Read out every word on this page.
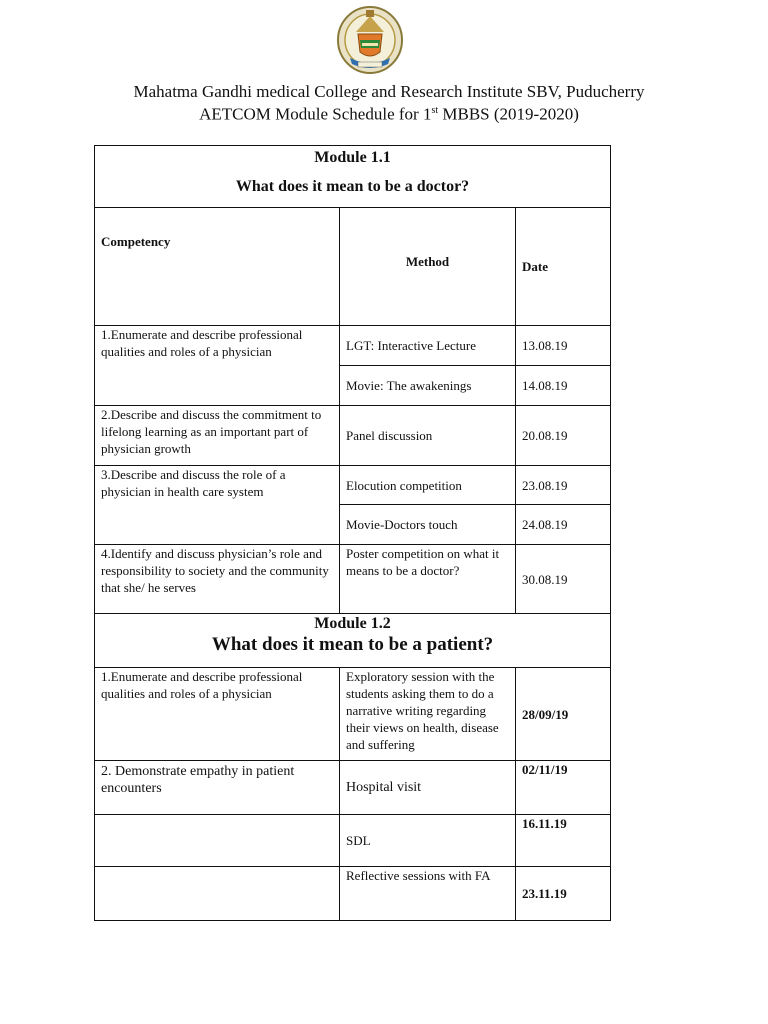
Mahatma Gandhi medical College and Research Institute SBV, Puducherry
AETCOM Module Schedule for 1st MBBS (2019-2020)
Module 1.1
What does it mean to be a doctor?		

Competency	Method	Date
1.Enumerate and describe professional qualities and roles of a physician	LGT: Interactive Lecture	13.08.19
	Movie: The awakenings	14.08.19
2.Describe and discuss the commitment to lifelong learning as an important part of physician growth	Panel discussion	20.08.19
3.Describe and discuss the role of a physician in health care system	Elocution competition	23.08.19
	Movie-Doctors touch	24.08.19
4.Identify and discuss physician’s role and responsibility to society and the community that she/ he serves	Poster competition on what it means to be a doctor?	30.08.19

Module 1.2
What does it mean to be a patient?		

1.Enumerate and describe professional qualities and roles of a physician	Exploratory session with the students asking them to do a narrative writing regarding their views on health, disease and suffering	28/09/19
2. Demonstrate empathy in patient encounters	Hospital visit	02/11/19
	SDL	16.11.19
	Reflective sessions with FA	23.11.19
